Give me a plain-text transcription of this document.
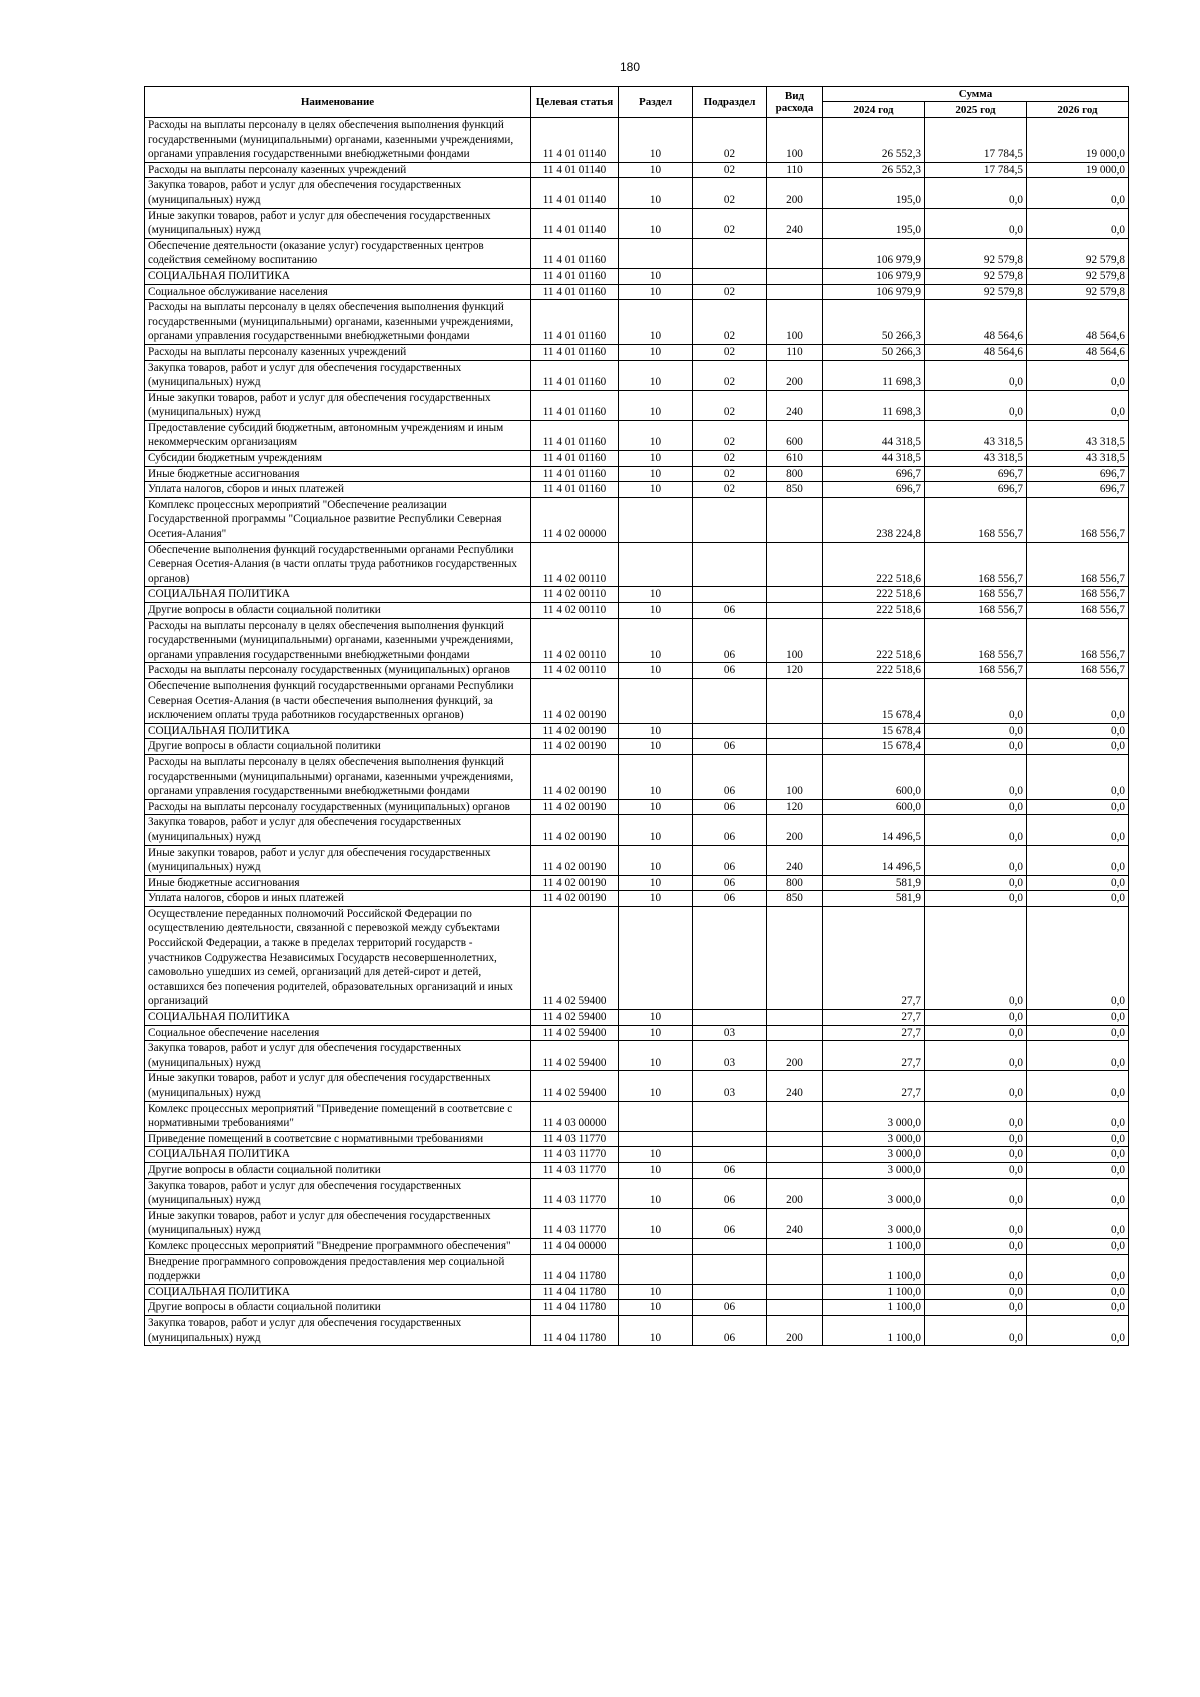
180
Наименование	Целевая статья	Раздел	Подраздел	Вид расхода	Сумма		
					2024 год	2025 год	2026 год
Расходы на выплаты персоналу в целях обеспечения выполнения функций государственными (муниципальными) органами, казенными учреждениями, органами управления государственными внебюджетными фондами	11 4 01 01140	10	02	100	26 552,3	17 784,5	19 000,0
Расходы на выплаты персоналу казенных учреждений	11 4 01 01140	10	02	110	26 552,3	17 784,5	19 000,0
Закупка товаров, работ и услуг для обеспечения государственных (муниципальных) нужд	11 4 01 01140	10	02	200	195,0	0,0	0,0
Иные закупки товаров, работ и услуг для обеспечения государственных (муниципальных) нужд	11 4 01 01140	10	02	240	195,0	0,0	0,0
Обеспечение деятельности (оказание услуг) государственных центров содействия семейному воспитанию	11 4 01 01160				106 979,9	92 579,8	92 579,8
СОЦИАЛЬНАЯ ПОЛИТИКА	11 4 01 01160	10			106 979,9	92 579,8	92 579,8
Социальное обслуживание населения	11 4 01 01160	10	02		106 979,9	92 579,8	92 579,8
Расходы на выплаты персоналу в целях обеспечения выполнения функций государственными (муниципальными) органами, казенными учреждениями, органами управления государственными внебюджетными фондами	11 4 01 01160	10	02	100	50 266,3	48 564,6	48 564,6
Расходы на выплаты персоналу казенных учреждений	11 4 01 01160	10	02	110	50 266,3	48 564,6	48 564,6
Закупка товаров, работ и услуг для обеспечения государственных (муниципальных) нужд	11 4 01 01160	10	02	200	11 698,3	0,0	0,0
Иные закупки товаров, работ и услуг для обеспечения государственных (муниципальных) нужд	11 4 01 01160	10	02	240	11 698,3	0,0	0,0
Предоставление субсидий бюджетным, автономным учреждениям и иным некоммерческим организациям	11 4 01 01160	10	02	600	44 318,5	43 318,5	43 318,5
Субсидии бюджетным учреждениям	11 4 01 01160	10	02	610	44 318,5	43 318,5	43 318,5
Иные бюджетные ассигнования	11 4 01 01160	10	02	800	696,7	696,7	696,7
Уплата налогов, сборов и иных платежей	11 4 01 01160	10	02	850	696,7	696,7	696,7
Комплекс процессных мероприятий "Обеспечение реализации Государственной программы "Социальное развитие Республики Северная Осетия-Алания"	11 4 02 00000				238 224,8	168 556,7	168 556,7
Обеспечение выполнения функций государственными органами Республики Северная Осетия-Алания (в части оплаты труда работников государственных органов)	11 4 02 00110				222 518,6	168 556,7	168 556,7
СОЦИАЛЬНАЯ ПОЛИТИКА	11 4 02 00110	10			222 518,6	168 556,7	168 556,7
Другие вопросы в области социальной политики	11 4 02 00110	10	06		222 518,6	168 556,7	168 556,7
Расходы на выплаты персоналу в целях обеспечения выполнения функций государственными (муниципальными) органами, казенными учреждениями, органами управления государственными внебюджетными фондами	11 4 02 00110	10	06	100	222 518,6	168 556,7	168 556,7
Расходы на выплаты персоналу государственных (муниципальных) органов	11 4 02 00110	10	06	120	222 518,6	168 556,7	168 556,7
Обеспечение выполнения функций государственными органами Республики Северная Осетия-Алания (в части обеспечения выполнения функций, за исключением оплаты труда работников государственных органов)	11 4 02 00190				15 678,4	0,0	0,0
СОЦИАЛЬНАЯ ПОЛИТИКА	11 4 02 00190	10			15 678,4	0,0	0,0
Другие вопросы в области социальной политики	11 4 02 00190	10	06		15 678,4	0,0	0,0
Расходы на выплаты персоналу в целях обеспечения выполнения функций государственными (муниципальными) органами, казенными учреждениями, органами управления государственными внебюджетными фондами	11 4 02 00190	10	06	100	600,0	0,0	0,0
Расходы на выплаты персоналу государственных (муниципальных) органов	11 4 02 00190	10	06	120	600,0	0,0	0,0
Закупка товаров, работ и услуг для обеспечения государственных (муниципальных) нужд	11 4 02 00190	10	06	200	14 496,5	0,0	0,0
Иные закупки товаров, работ и услуг для обеспечения государственных (муниципальных) нужд	11 4 02 00190	10	06	240	14 496,5	0,0	0,0
Иные бюджетные ассигнования	11 4 02 00190	10	06	800	581,9	0,0	0,0
Уплата налогов, сборов и иных платежей	11 4 02 00190	10	06	850	581,9	0,0	0,0
Осуществление переданных полномочий Российской Федерации по осуществлению деятельности, связанной с перевозкой между субъектами Российской Федерации, а также в пределах территорий государств - участников Содружества Независимых Государств несовершеннолетних, самовольно ушедших из семей, организаций для детей-сирот и детей, оставшихся без попечения родителей, образовательных организаций и иных организаций	11 4 02 59400				27,7	0,0	0,0
СОЦИАЛЬНАЯ ПОЛИТИКА	11 4 02 59400	10			27,7	0,0	0,0
Социальное обеспечение населения	11 4 02 59400	10	03		27,7	0,0	0,0
Закупка товаров, работ и услуг для обеспечения государственных (муниципальных) нужд	11 4 02 59400	10	03	200	27,7	0,0	0,0
Иные закупки товаров, работ и услуг для обеспечения государственных (муниципальных) нужд	11 4 02 59400	10	03	240	27,7	0,0	0,0
Комлекс процессных мероприятий "Приведение помещений в соответсвие с нормативными требованиями"	11 4 03 00000				3 000,0	0,0	0,0
Приведение помещений в соответсвие с нормативными требованиями	11 4 03 11770				3 000,0	0,0	0,0
СОЦИАЛЬНАЯ ПОЛИТИКА	11 4 03 11770	10			3 000,0	0,0	0,0
Другие вопросы в области социальной политики	11 4 03 11770	10	06		3 000,0	0,0	0,0
Закупка товаров, работ и услуг для обеспечения государственных (муниципальных) нужд	11 4 03 11770	10	06	200	3 000,0	0,0	0,0
Иные закупки товаров, работ и услуг для обеспечения государственных (муниципальных) нужд	11 4 03 11770	10	06	240	3 000,0	0,0	0,0
Комлекс процессных мероприятий "Внедрение программного обеспечения"	11 4 04 00000				1 100,0	0,0	0,0
Внедрение программного сопровождения предоставления мер социальной поддержки	11 4 04 11780				1 100,0	0,0	0,0
СОЦИАЛЬНАЯ ПОЛИТИКА	11 4 04 11780	10			1 100,0	0,0	0,0
Другие вопросы в области социальной политики	11 4 04 11780	10	06		1 100,0	0,0	0,0
Закупка товаров, работ и услуг для обеспечения государственных (муниципальных) нужд	11 4 04 11780	10	06	200	1 100,0	0,0	0,0
